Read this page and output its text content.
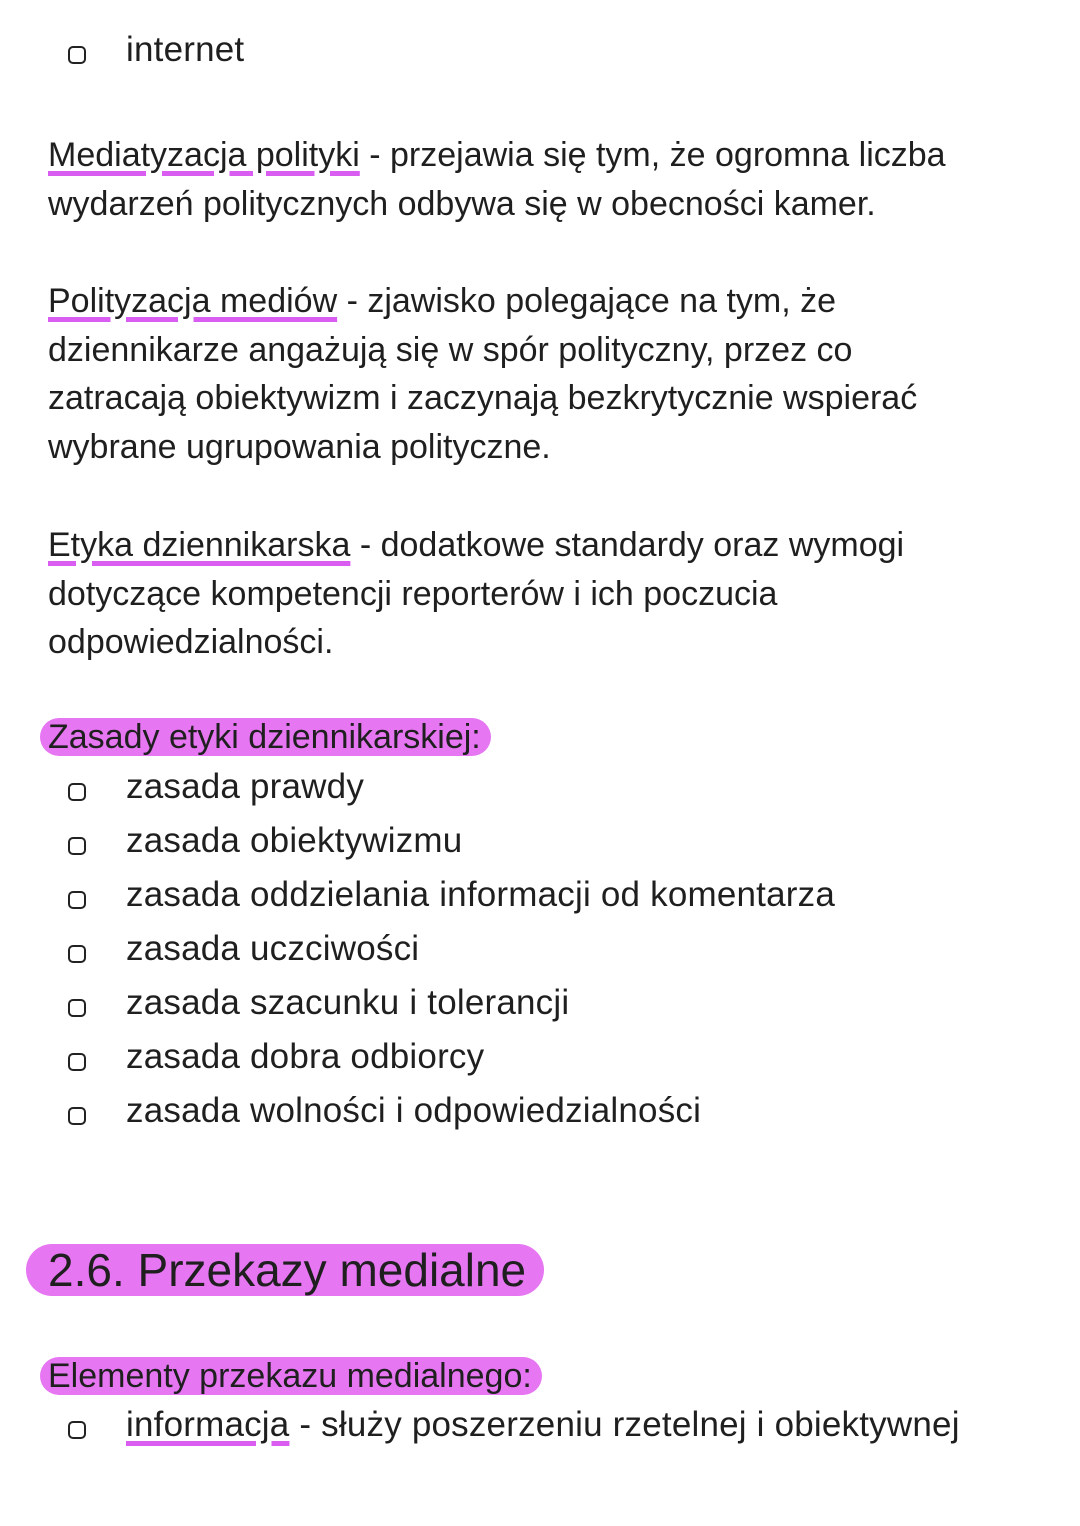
internet

Mediatyzacja polityki - przejawia się tym, że ogromna liczba

wydarzeń politycznych odbywa się w obecności kamer.

Polityzacja mediów - zjawisko polegające na tym, że

dziennikarze angażują się w spór polityczny, przez co

zatracają obiektywizm i zaczynają bezkrytycznie wspierać

wybrane ugrupowania polityczne.

Etyka dziennikarska - dodatkowe standardy oraz wymogi

dotyczące kompetencji reporterów i ich poczucia

odpowiedzialności.

Zasady etyki dziennikarskiej:
zasada prawdy
zasada obiektywizmu
zasada oddzielania informacji od komentarza
zasada uczciwości
zasada szacunku i tolerancji
zasada dobra odbiorcy
zasada wolności i odpowiedzialności
2.6. Przekazy medialne
Elementy przekazu medialnego:
informacja - służy poszerzeniu rzetelnej i obiektywnej
